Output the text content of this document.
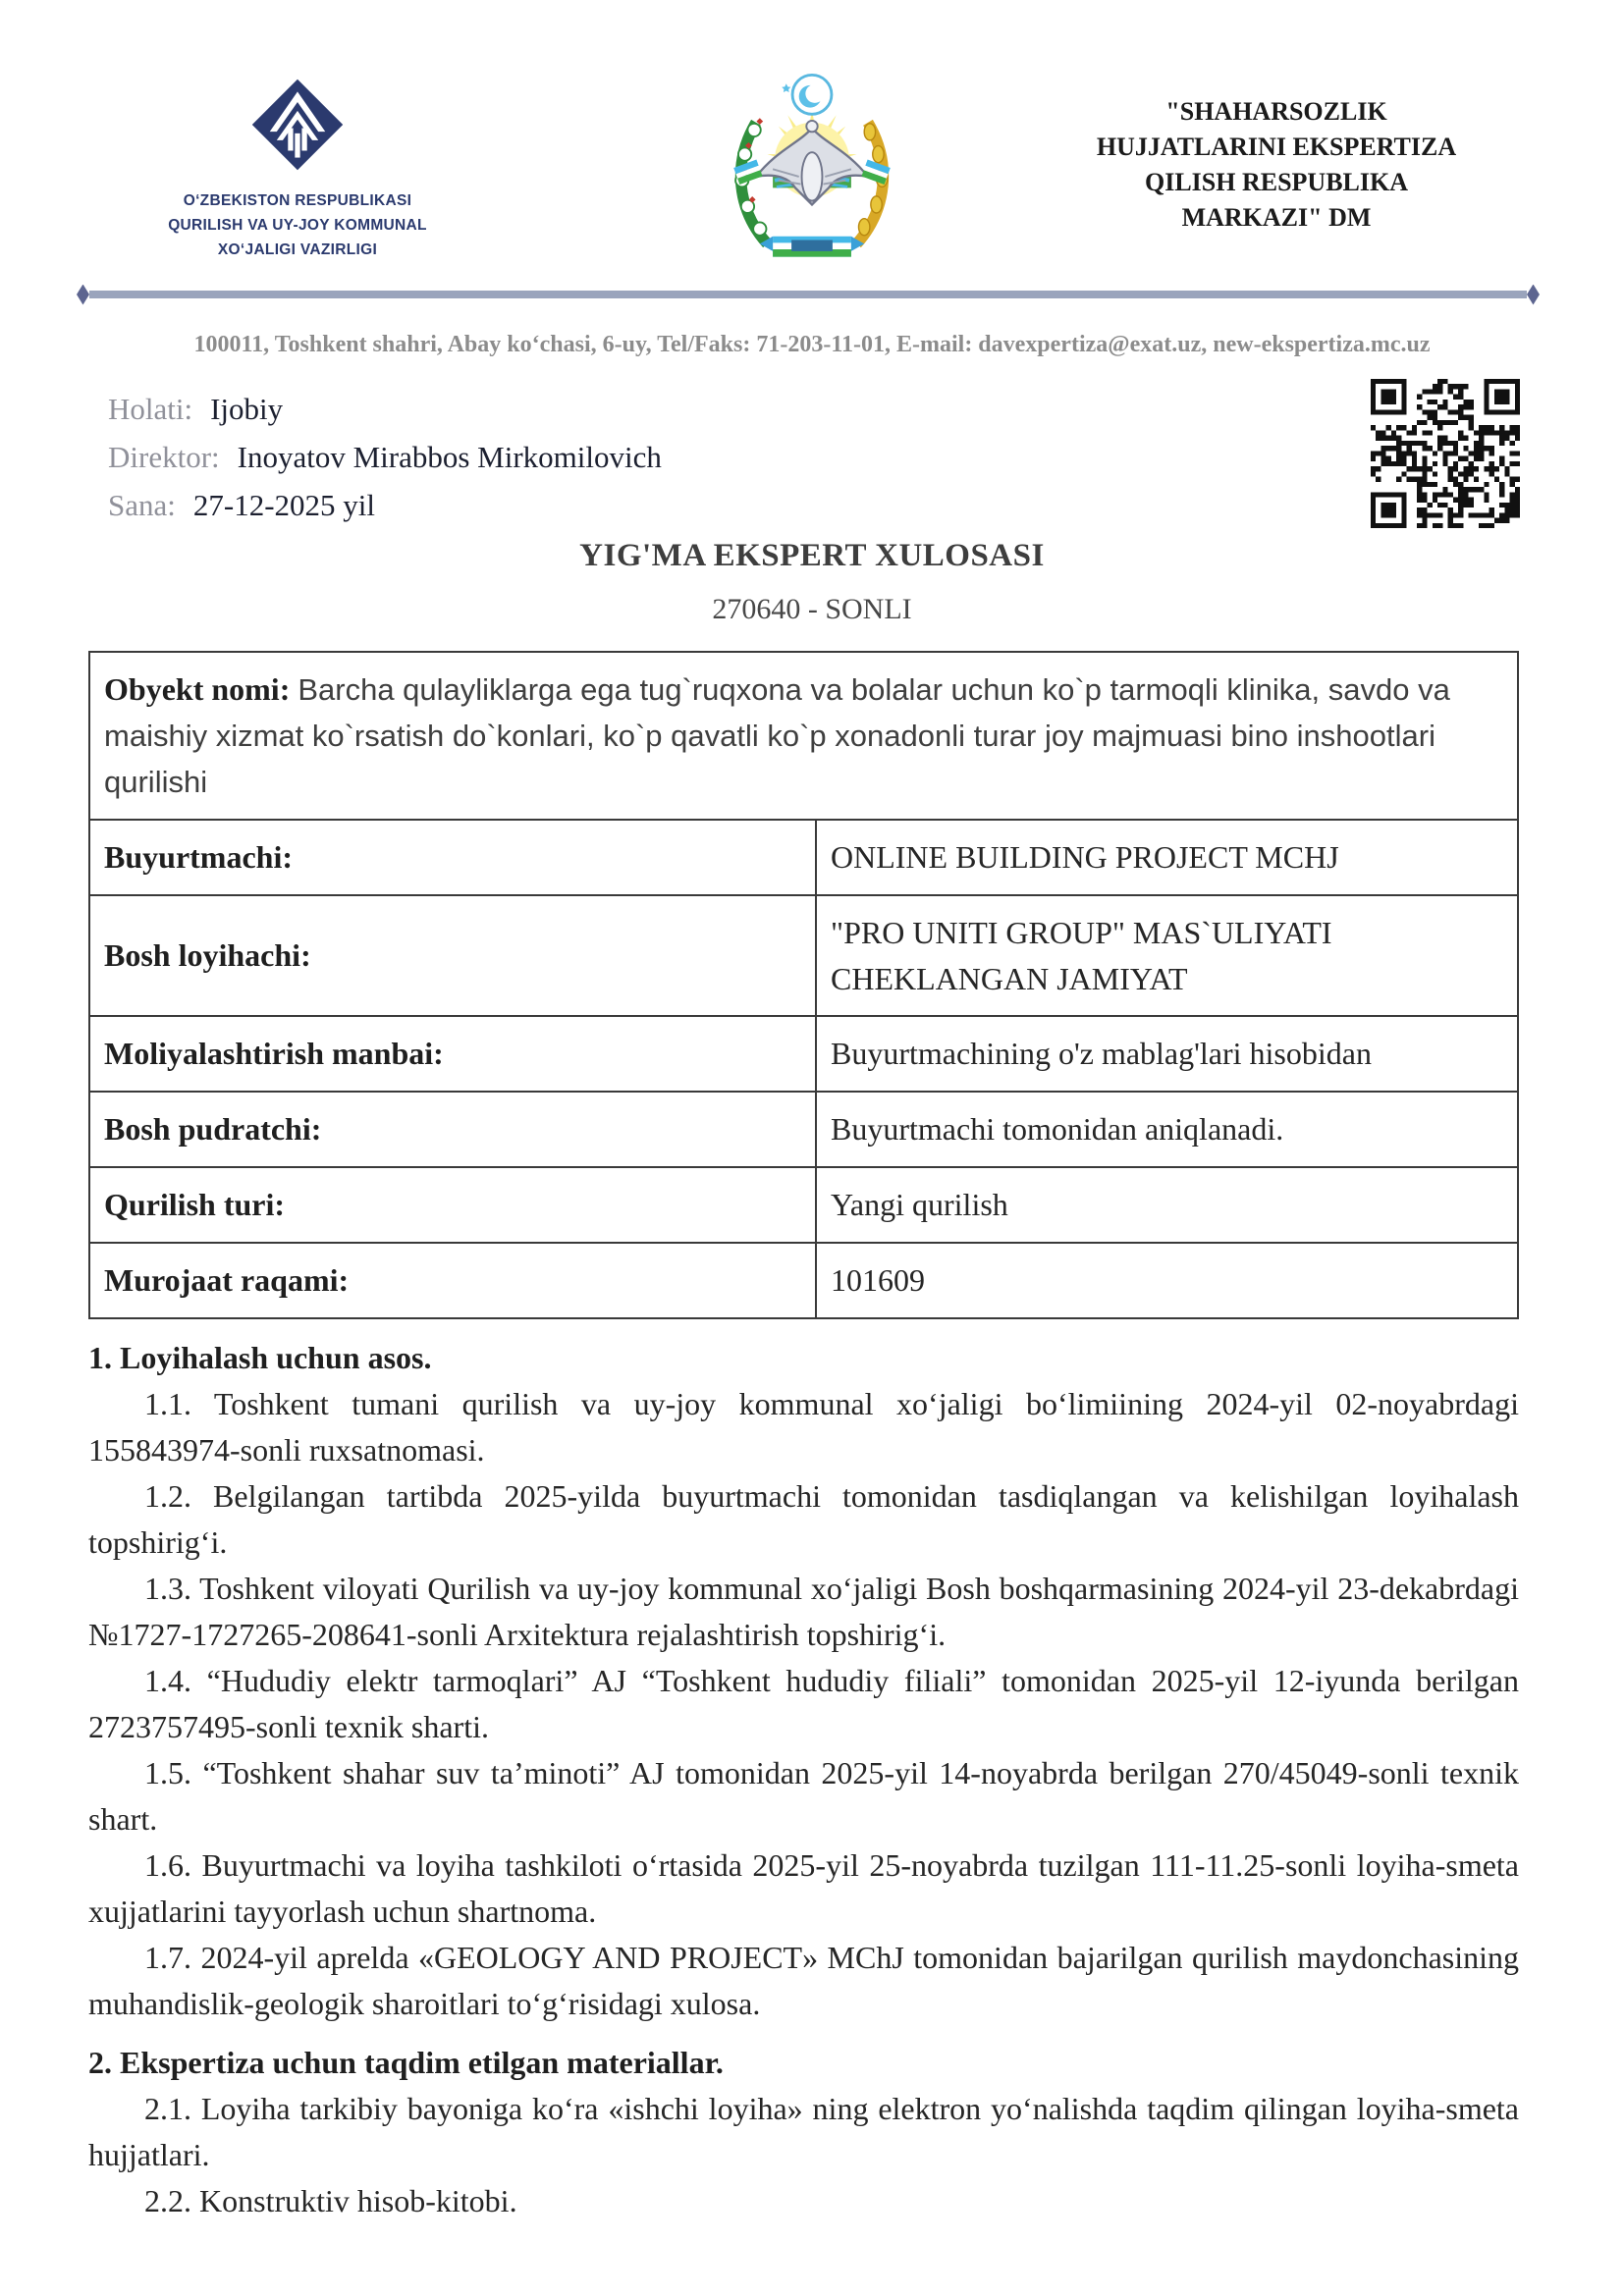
O‘ZBEKISTON RESPUBLIKASI
QURILISH VA UY-JOY KOMMUNAL
XO‘JALIGI VAZIRLIGI
"SHAHARSOZLIK
HUJJATLARINI EKSPERTIZA
QILISH RESPUBLIKA
MARKAZI" DM
100011, Toshkent shahri, Abay ko‘chasi, 6-uy, Tel/Faks: 71-203-11-01, E-mail: davexpertiza@exat.uz, new-ekspertiza.mc.uz
Holati: Ijobiy
Direktor: Inoyatov Mirabbos Mirkomilovich
Sana: 27-12-2025 yil
YIG'MA EKSPERT XULOSASI
270640 - SONLI
Obyekt nomi: Barcha qulayliklarga ega tug`ruqxona va bolalar uchun ko`p tarmoqli klinika, savdo va maishiy xizmat ko`rsatish do`konlari, ko`p qavatli ko`p xonadonli turar joy majmuasi bino inshootlari qurilishi	
Buyurtmachi:	ONLINE BUILDING PROJECT MCHJ
Bosh loyihachi:	"PRO UNITI GROUP" MAS`ULIYATI CHEKLANGAN JAMIYAT
Moliyalashtirish manbai:	Buyurtmachining o'z mablag'lari hisobidan
Bosh pudratchi:	Buyurtmachi tomonidan aniqlanadi.
Qurilish turi:	Yangi qurilish
Murojaat raqami:	101609
1. Loyihalash uchun asos.

1.1. Toshkent tumani qurilish va uy-joy kommunal xo‘jaligi bo‘limiining 2024-yil 02-noyabrdagi 155843974-sonli ruxsatnomasi.

1.2. Belgilangan tartibda 2025-yilda buyurtmachi tomonidan tasdiqlangan va kelishilgan loyihalash topshirig‘i.

1.3. Toshkent viloyati Qurilish va uy-joy kommunal xo‘jaligi Bosh boshqarmasining 2024-yil 23-dekabrdagi №1727-1727265-208641-sonli Arxitektura rejalashtirish topshirig‘i.

1.4. “Hududiy elektr tarmoqlari” AJ “Toshkent hududiy filiali” tomonidan 2025-yil 12-iyunda berilgan 2723757495-sonli texnik sharti.

1.5. “Toshkent shahar suv ta’minoti” AJ tomonidan 2025-yil 14-noyabrda berilgan 270/45049-sonli texnik shart.

1.6. Buyurtmachi va loyiha tashkiloti o‘rtasida 2025-yil 25-noyabrda tuzilgan 111-11.25-sonli loyiha-smeta xujjatlarini tayyorlash uchun shartnoma.

1.7. 2024-yil aprelda «GEOLOGY AND PROJECT» MChJ tomonidan bajarilgan qurilish maydonchasining muhandislik-geologik sharoitlari to‘g‘risidagi xulosa.

2. Ekspertiza uchun taqdim etilgan materiallar.

2.1. Loyiha tarkibiy bayoniga ko‘ra «ishchi loyiha» ning elektron yo‘nalishda taqdim qilingan loyiha-smeta hujjatlari.

2.2. Konstruktiv hisob-kitobi.
